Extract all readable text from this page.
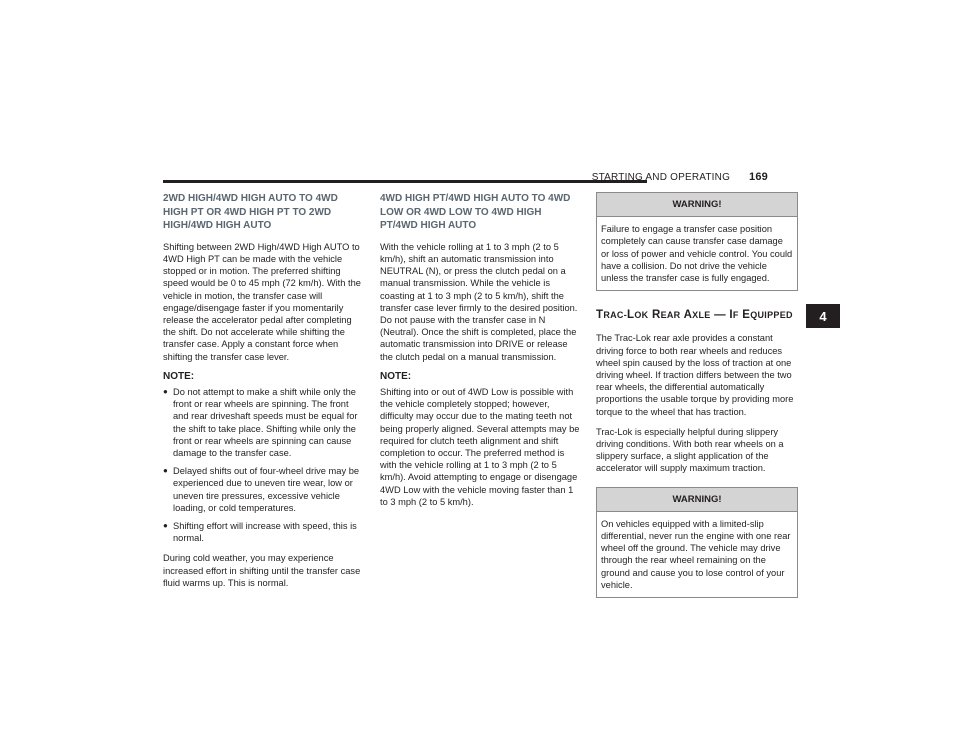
STARTING AND OPERATING 169
4
2WD HIGH/4WD HIGH AUTO TO 4WD HIGH PT OR 4WD HIGH PT TO 2WD HIGH/4WD HIGH AUTO

Shifting between 2WD High/4WD High AUTO to 4WD High PT can be made with the vehicle stopped or in motion. The preferred shifting speed would be 0 to 45 mph (72 km/h). With the vehicle in motion, the transfer case will engage/disengage faster if you momentarily release the accelerator pedal after completing the shift. Do not accelerate while shifting the transfer case. Apply a constant force when shifting the transfer case lever.

NOTE:
● Do not attempt to make a shift while only the front or rear wheels are spinning. The front and rear driveshaft speeds must be equal for the shift to take place. Shifting while only the front or rear wheels are spinning can cause damage to the transfer case.
● Delayed shifts out of four-wheel drive may be experienced due to uneven tire wear, low or uneven tire pressures, excessive vehicle loading, or cold temperatures.
● Shifting effort will increase with speed, this is normal.

During cold weather, you may experience increased effort in shifting until the transfer case fluid warms up. This is normal.

4WD HIGH PT/4WD HIGH AUTO TO 4WD LOW OR 4WD LOW TO 4WD HIGH PT/4WD HIGH AUTO

With the vehicle rolling at 1 to 3 mph (2 to 5 km/h), shift an automatic transmission into NEUTRAL (N), or press the clutch pedal on a manual transmission. While the vehicle is coasting at 1 to 3 mph (2 to 5 km/h), shift the transfer case lever firmly to the desired position. Do not pause with the transfer case in N (Neutral). Once the shift is completed, place the automatic transmission into DRIVE or release the clutch pedal on a manual transmission.

NOTE:

Shifting into or out of 4WD Low is possible with the vehicle completely stopped; however, difficulty may occur due to the mating teeth not being properly aligned. Several attempts may be required for clutch teeth alignment and shift completion to occur. The preferred method is with the vehicle rolling at 1 to 3 mph (2 to 5 km/h). Avoid attempting to engage or disengage 4WD Low with the vehicle moving faster than 1 to 3 mph (2 to 5 km/h).

WARNING!
Failure to engage a transfer case position completely can cause transfer case damage or loss of power and vehicle control. You could have a collision. Do not drive the vehicle unless the transfer case is fully engaged.
TRAC-LOK REAR AXLE — IF EQUIPPED

The Trac-Lok rear axle provides a constant driving force to both rear wheels and reduces wheel spin caused by the loss of traction at one driving wheel. If traction differs between the two rear wheels, the differential automatically proportions the usable torque by providing more torque to the wheel that has traction.

Trac-Lok is especially helpful during slippery driving conditions. With both rear wheels on a slippery surface, a slight application of the accelerator will supply maximum traction.

WARNING!
On vehicles equipped with a limited-slip differential, never run the engine with one rear wheel off the ground. The vehicle may drive through the rear wheel remaining on the ground and cause you to lose control of your vehicle.
